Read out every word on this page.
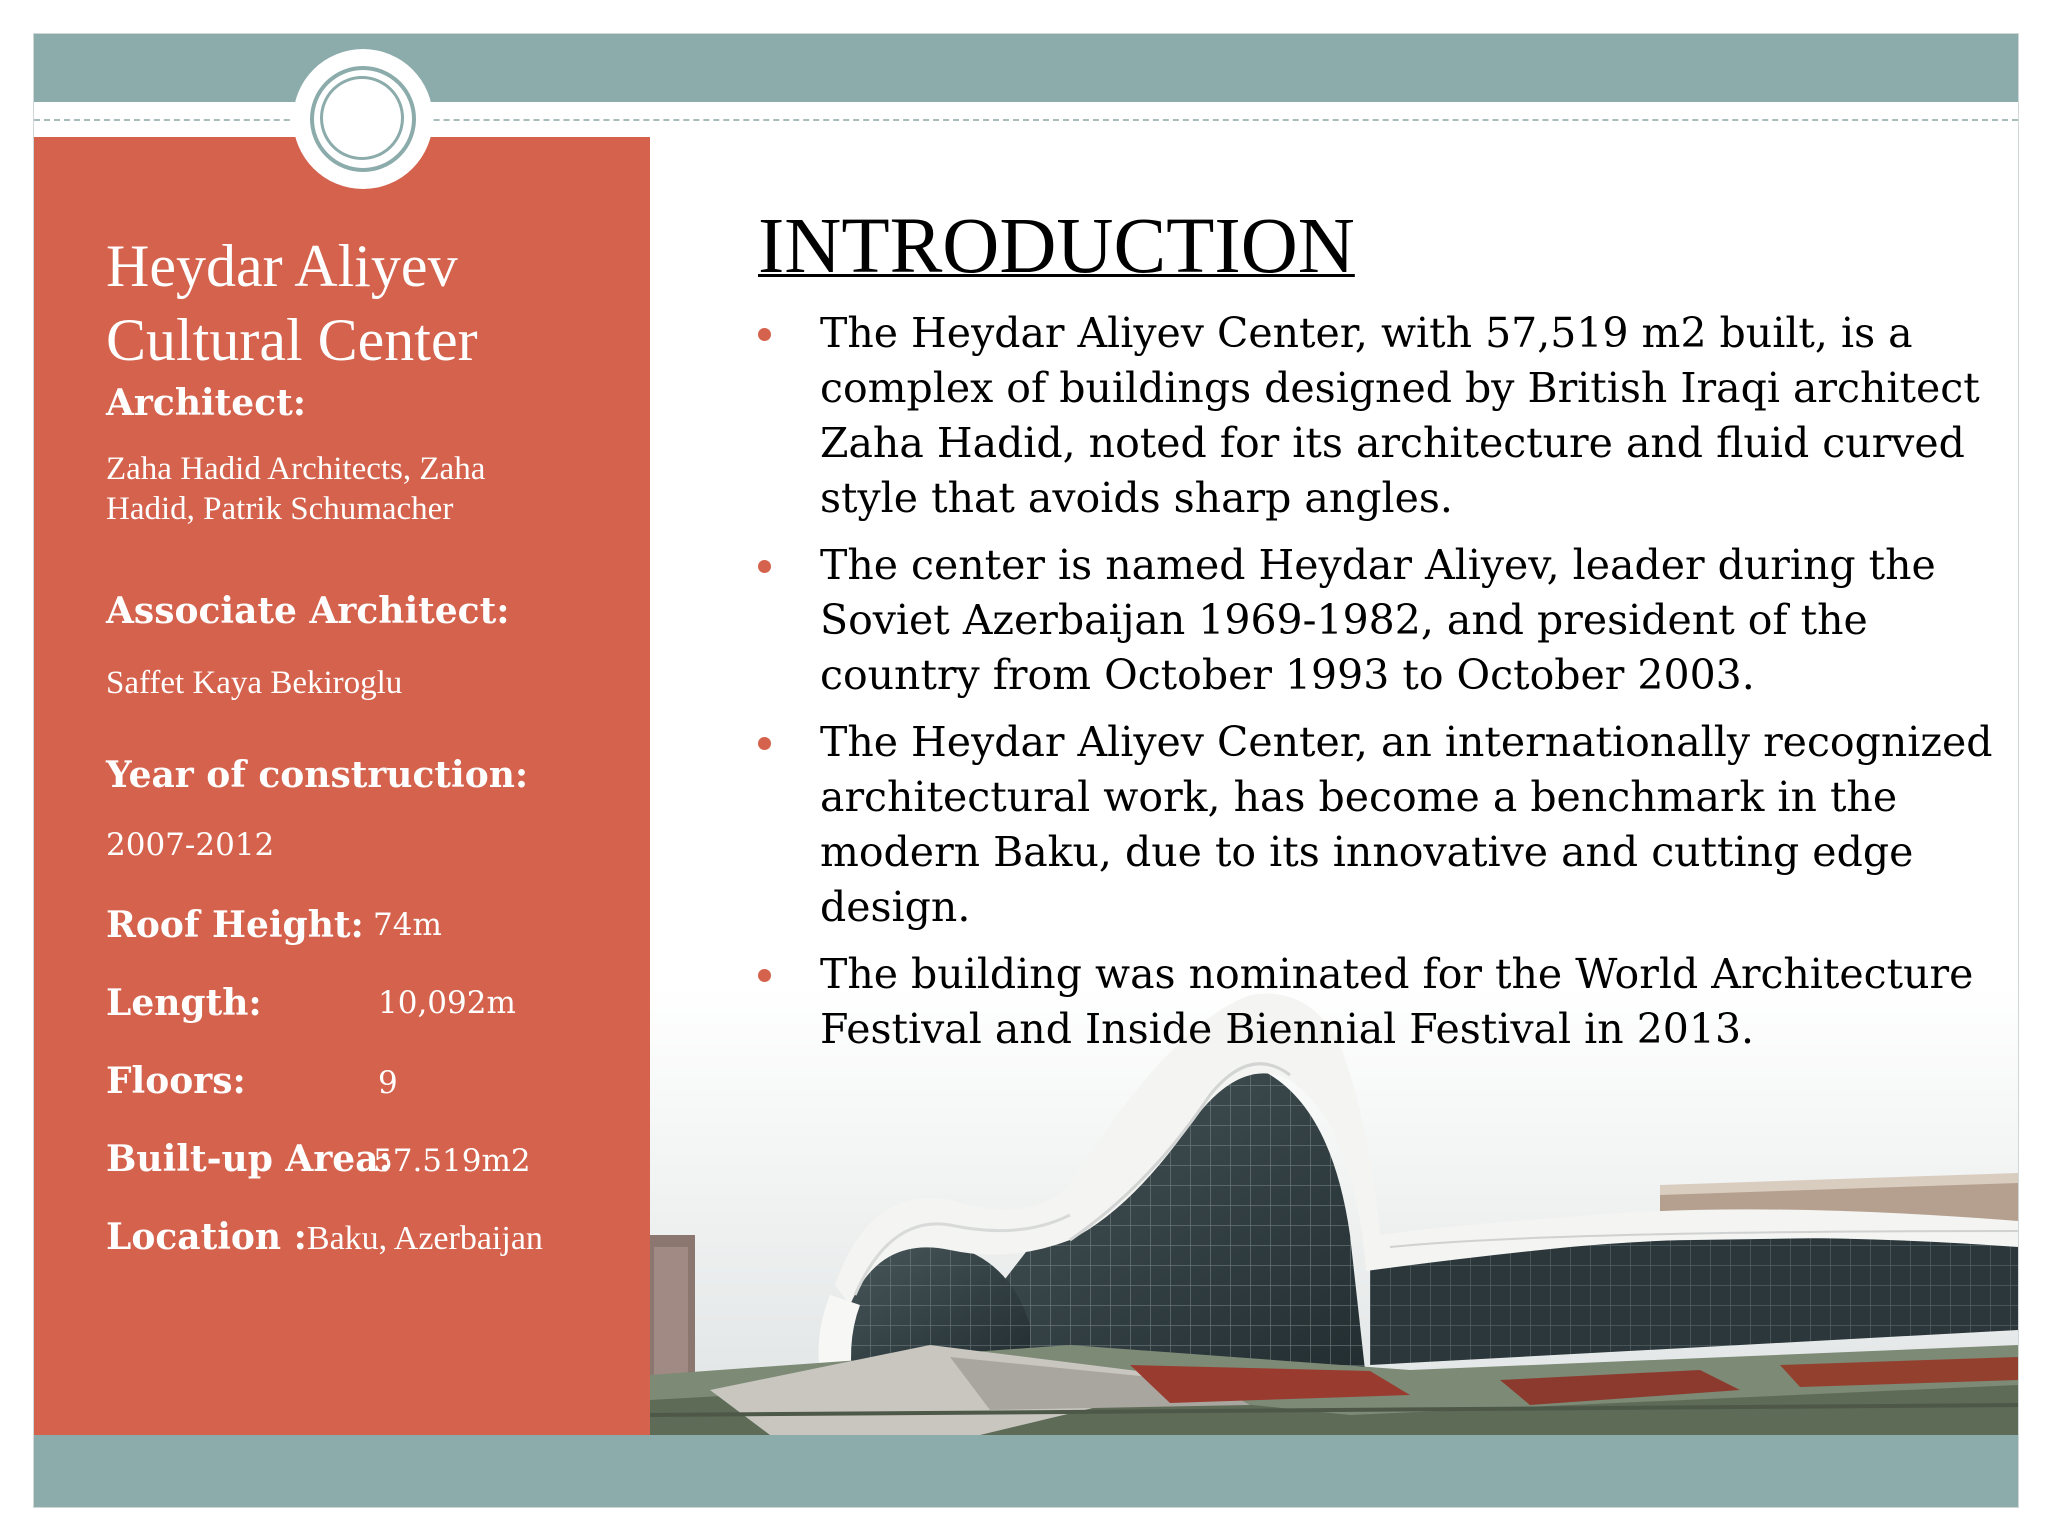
Heydar Aliyev Cultural Center
Architect:
Zaha Hadid Architects, Zaha Hadid, Patrik Schumacher
Associate Architect:
Saffet Kaya Bekiroglu
Year of construction:
2007-2012
Roof Height: 74m
Length:	10,092m
Floors:	9
Built-up Area:
57.519m2
Location :Baku, Azerbaijan
INTRODUCTION
The Heydar Aliyev Center, with 57,519 m2 built, is a complex of buildings designed by British Iraqi architect Zaha Hadid, noted for its architecture and fluid curved style that avoids sharp angles.
The center is named Heydar Aliyev, leader during the Soviet Azerbaijan 1969-1982, and president of the country from October 1993 to October 2003.
The Heydar Aliyev Center, an internationally recognized architectural work, has become a benchmark in the modern Baku, due to its innovative and cutting edge design.
The building was nominated for the World Architecture Festival and Inside Biennial Festival in 2013.
